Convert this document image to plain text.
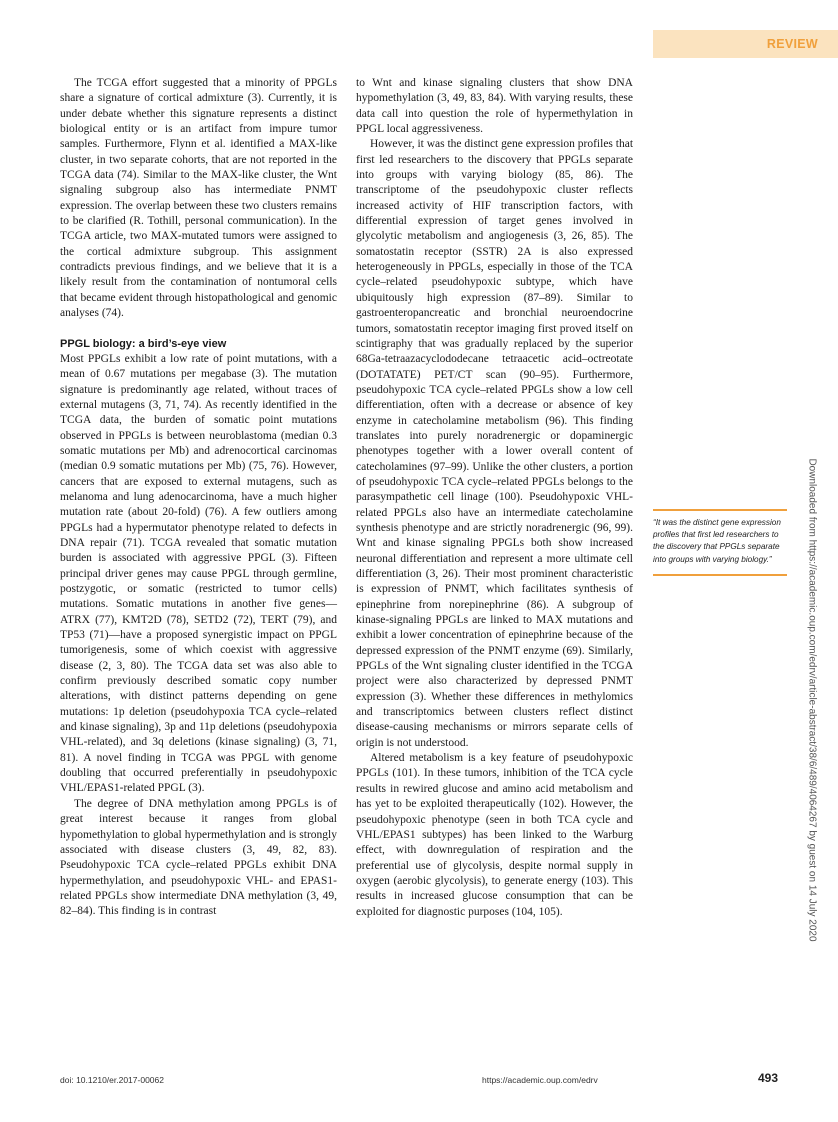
REVIEW

The TCGA effort suggested that a minority of PPGLs share a signature of cortical admixture (3). Currently, it is under debate whether this signature represents a distinct biological entity or is an artifact from impure tumor samples. Furthermore, Flynn et al. identified a MAX-like cluster, in two separate cohorts, that are not reported in the TCGA data (74). Similar to the MAX-like cluster, the Wnt signaling subgroup also has intermediate PNMT expression. The overlap between these two clusters remains to be clarified (R. Tothill, personal communication). In the TCGA article, two MAX-mutated tumors were assigned to the cortical admixture subgroup. This assignment contradicts previous findings, and we believe that it is a likely result from the contamination of nontumoral cells that became evident through histopathological and genomic analyses (74).

PPGL biology: a bird’s-eye view

Most PPGLs exhibit a low rate of point mutations, with a mean of 0.67 mutations per megabase (3). The mutation signature is predominantly age related, without traces of external mutagens (3, 71, 74). As recently identified in the TCGA data, the burden of somatic point mutations observed in PPGLs is between neuroblastoma (median 0.3 somatic mutations per Mb) and adrenocortical carcinomas (median 0.9 somatic mutations per Mb) (75, 76). However, cancers that are exposed to external mutagens, such as melanoma and lung adenocarcinoma, have a much higher mutation rate (about 20-fold) (76). A few outliers among PPGLs had a hypermutator phenotype related to defects in DNA repair (71). TCGA revealed that somatic mutation burden is associated with aggressive PPGL (3). Fifteen principal driver genes may cause PPGL through germline, postzygotic, or somatic (restricted to tumor cells) mutations. Somatic mutations in another five genes—ATRX (77), KMT2D (78), SETD2 (72), TERT (79), and TP53 (71)—have a proposed synergistic impact on PPGL tumorigenesis, some of which coexist with aggressive disease (2, 3, 80). The TCGA data set was also able to confirm previously described somatic copy number alterations, with distinct patterns depending on gene mutations: 1p deletion (pseudohypoxia TCA cycle–related and kinase signaling), 3p and 11p deletions (pseudohypoxia VHL-related), and 3q deletions (kinase signaling) (3, 71, 81). A novel finding in TCGA was PPGL with genome doubling that occurred preferentially in pseudohypoxic VHL/EPAS1-related PPGL (3).

The degree of DNA methylation among PPGLs is of great interest because it ranges from global hypomethylation to global hypermethylation and is strongly associated with disease clusters (3, 49, 82, 83). Pseudohypoxic TCA cycle–related PPGLs exhibit DNA hypermethylation, and pseudohypoxic VHL- and EPAS1-related PPGLs show intermediate DNA methylation (3, 49, 82–84). This finding is in contrast

to Wnt and kinase signaling clusters that show DNA hypomethylation (3, 49, 83, 84). With varying results, these data call into question the role of hypermethylation in PPGL local aggressiveness.

However, it was the distinct gene expression profiles that first led researchers to the discovery that PPGLs separate into groups with varying biology (85, 86). The transcriptome of the pseudohypoxic cluster reflects increased activity of HIF transcription factors, with differential expression of target genes involved in glycolytic metabolism and angiogenesis (3, 26, 85). The somatostatin receptor (SSTR) 2A is also expressed heterogeneously in PPGLs, especially in those of the TCA cycle–related pseudohypoxic subtype, which have ubiquitously high expression (87–89). Similar to gastroenteropancreatic and bronchial neuroendocrine tumors, somatostatin receptor imaging first proved itself on scintigraphy that was gradually replaced by the superior 68Ga-tetraazacyclododecane tetraacetic acid–octreotate (DOTATATE) PET/CT scan (90–95). Furthermore, pseudohypoxic TCA cycle–related PPGLs show a low cell differentiation, often with a decrease or absence of key enzyme in catecholamine metabolism (96). This finding translates into purely noradrenergic or dopaminergic phenotypes together with a lower overall content of catecholamines (97–99). Unlike the other clusters, a portion of pseudohypoxic TCA cycle–related PPGLs belongs to the parasympathetic cell linage (100). Pseudohypoxic VHL-related PPGLs also have an intermediate catecholamine synthesis phenotype and are strictly noradrenergic (96, 99). Wnt and kinase signaling PPGLs both show increased neuronal differentiation and represent a more ultimate cell differentiation (3, 26). Their most prominent characteristic is expression of PNMT, which facilitates synthesis of epinephrine from norepinephrine (86). A subgroup of kinase-signaling PPGLs are linked to MAX mutations and exhibit a lower concentration of epinephrine because of the depressed expression of the PNMT enzyme (69). Similarly, PPGLs of the Wnt signaling cluster identified in the TCGA project were also characterized by depressed PNMT expression (3). Whether these differences in methylomics and transcriptomics between clusters reflect distinct disease-causing mechanisms or mirrors separate cells of origin is not understood.

Altered metabolism is a key feature of pseudohypoxic PPGLs (101). In these tumors, inhibition of the TCA cycle results in rewired glucose and amino acid metabolism and has yet to be exploited therapeutically (102). However, the pseudohypoxic phenotype (seen in both TCA cycle and VHL/EPAS1 subtypes) has been linked to the Warburg effect, with downregulation of respiration and the preferential use of glycolysis, despite normal supply in oxygen (aerobic glycolysis), to generate energy (103). This results in increased glucose consumption that can be exploited for diagnostic purposes (104, 105).

“It was the distinct gene expression profiles that first led researchers to the discovery that PPGLs separate into groups with varying biology.”	Downloaded from https://academic.oup.com/edrv/article-abstract/38/6/489/4064267 by guest on 14 July 2020
doi: 10.1210/er.2017-00062	https://academic.oup.com/edrv	493
